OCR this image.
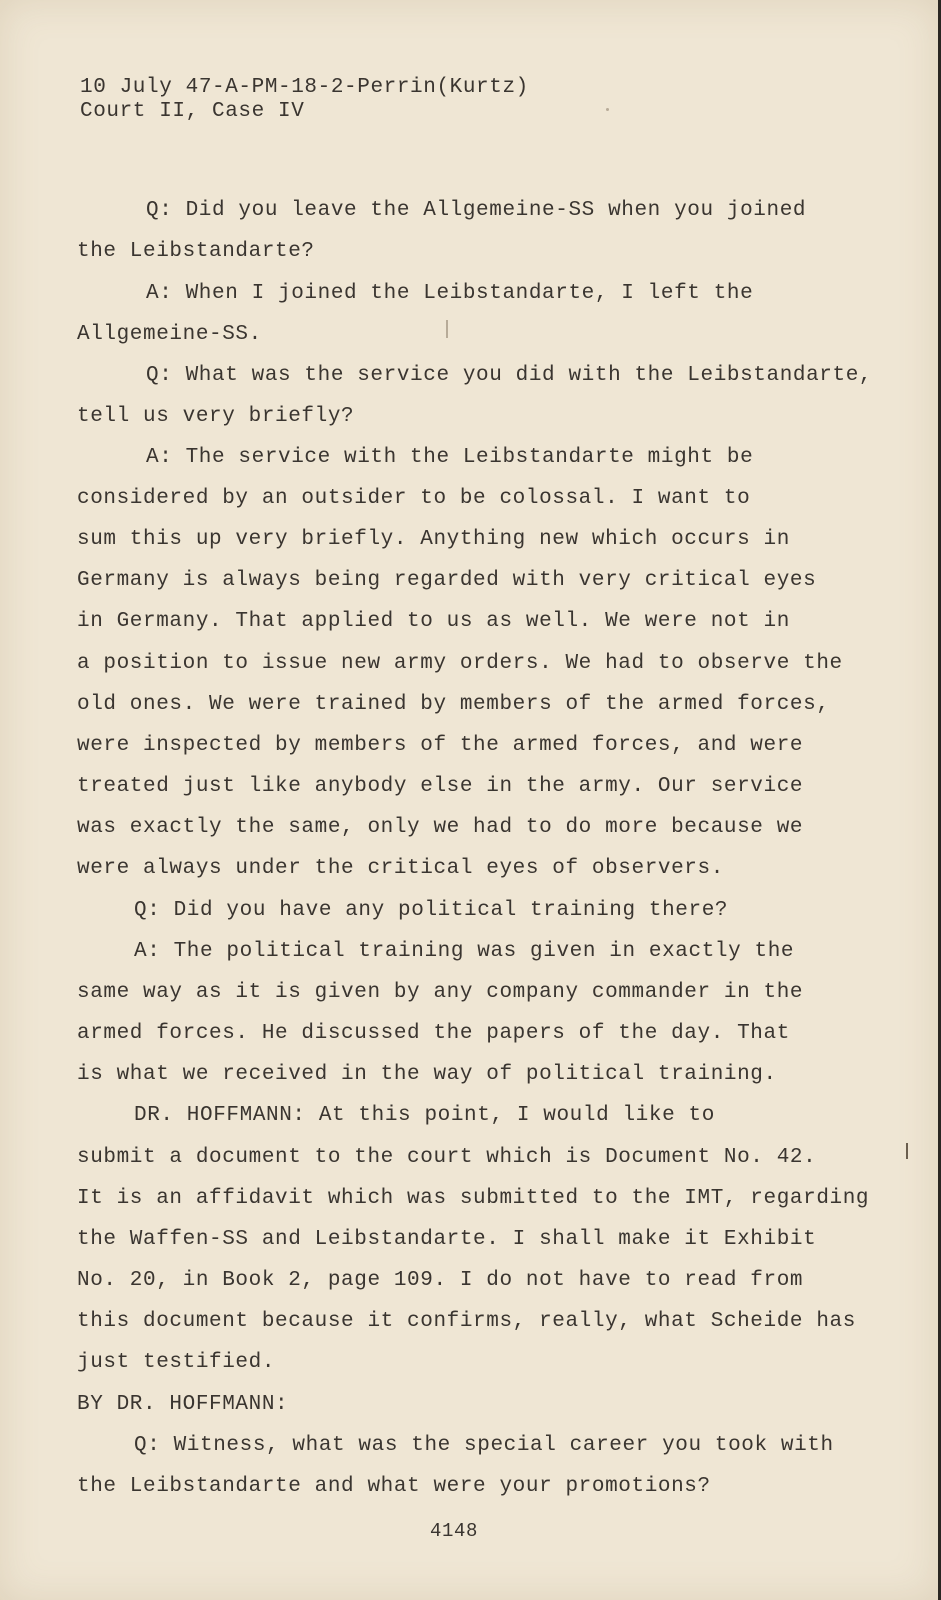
10 July 47-A-PM-18-2-Perrin(Kurtz)
Court II, Case IV

Q: Did you leave the Allgemeine-SS when you joined

the Leibstandarte?

A: When I joined the Leibstandarte, I left the

Allgemeine-SS.

Q: What was the service you did with the Leibstandarte,

tell us very briefly?

A: The service with the Leibstandarte might be

considered by an outsider to be colossal. I want to

sum this up very briefly. Anything new which occurs in

Germany is always being regarded with very critical eyes

in Germany. That applied to us as well. We were not in

a position to issue new army orders. We had to observe the

old ones. We were trained by members of the armed forces,

were inspected by members of the armed forces, and were

treated just like anybody else in the army. Our service

was exactly the same, only we had to do more because we

were always under the critical eyes of observers.

Q: Did you have any political training there?

A: The political training was given in exactly the

same way as it is given by any company commander in the

armed forces. He discussed the papers of the day. That

is what we received in the way of political training.

DR. HOFFMANN: At this point, I would like to

submit a document to the court which is Document No. 42.

It is an affidavit which was submitted to the IMT, regarding

the Waffen-SS and Leibstandarte. I shall make it Exhibit

No. 20, in Book 2, page 109. I do not have to read from

this document because it confirms, really, what Scheide has

just testified.

BY DR. HOFFMANN:

Q: Witness, what was the special career you took with

the Leibstandarte and what were your promotions?

4148
